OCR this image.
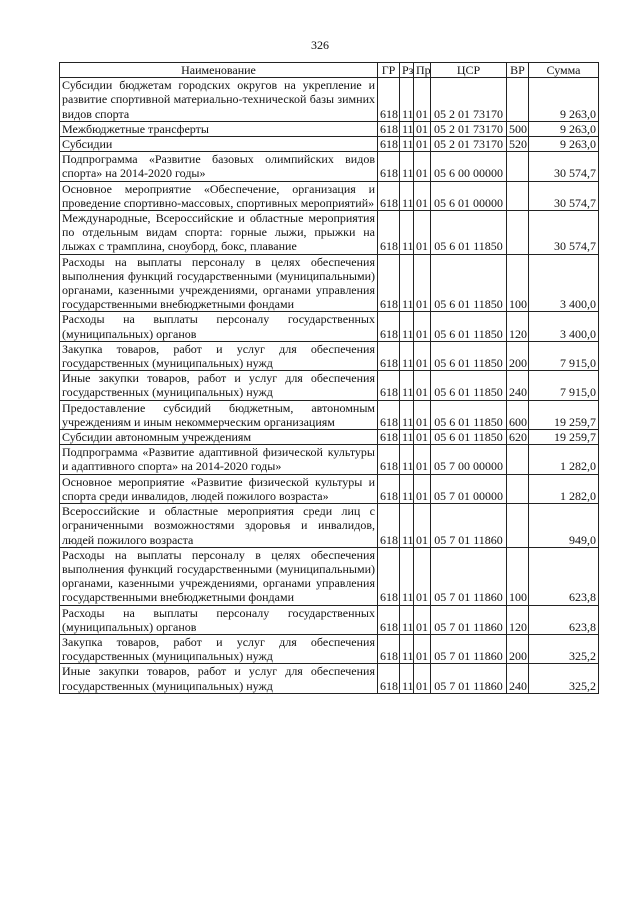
326
Наименование	ГР	Рз	Пр	ЦСР	ВР	Сумма
Субсидии бюджетам городских округов на укрепление и развитие спортивной материально-технической базы зимних видов спорта	618	11	01	05 2 01 73170		9 263,0
Межбюджетные трансферты	618	11	01	05 2 01 73170	500	9 263,0
Субсидии	618	11	01	05 2 01 73170	520	9 263,0
Подпрограмма «Развитие базовых олимпийских видов спорта» на 2014-2020 годы»	618	11	01	05 6 00 00000		30 574,7
Основное мероприятие «Обеспечение, организация и проведение спортивно-массовых, спортивных мероприятий»	618	11	01	05 6 01 00000		30 574,7
Международные, Всероссийские и областные мероприятия по отдельным видам спорта: горные лыжи, прыжки на лыжах с трамплина, сноуборд, бокс, плавание	618	11	01	05 6 01 11850		30 574,7
Расходы на выплаты персоналу в целях обеспечения выполнения функций государственными (муниципальными) органами, казенными учреждениями, органами управления государственными внебюджетными фондами	618	11	01	05 6 01 11850	100	3 400,0
Расходы на выплаты персоналу государственных (муниципальных) органов	618	11	01	05 6 01 11850	120	3 400,0
Закупка товаров, работ и услуг для обеспечения государственных (муниципальных) нужд	618	11	01	05 6 01 11850	200	7 915,0
Иные закупки товаров, работ и услуг для обеспечения государственных (муниципальных) нужд	618	11	01	05 6 01 11850	240	7 915,0
Предоставление субсидий бюджетным, автономным учреждениям и иным некоммерческим организациям	618	11	01	05 6 01 11850	600	19 259,7
Субсидии автономным учреждениям	618	11	01	05 6 01 11850	620	19 259,7
Подпрограмма «Развитие адаптивной физической культуры и адаптивного спорта» на 2014-2020 годы»	618	11	01	05 7 00 00000		1 282,0
Основное мероприятие «Развитие физической культуры и спорта среди инвалидов, людей пожилого возраста»	618	11	01	05 7 01 00000		1 282,0
Всероссийские и областные мероприятия среди лиц с ограниченными возможностями здоровья и инвалидов, людей пожилого возраста	618	11	01	05 7 01 11860		949,0
Расходы на выплаты персоналу в целях обеспечения выполнения функций государственными (муниципальными) органами, казенными учреждениями, органами управления государственными внебюджетными фондами	618	11	01	05 7 01 11860	100	623,8
Расходы на выплаты персоналу государственных (муниципальных) органов	618	11	01	05 7 01 11860	120	623,8
Закупка товаров, работ и услуг для обеспечения государственных (муниципальных) нужд	618	11	01	05 7 01 11860	200	325,2
Иные закупки товаров, работ и услуг для обеспечения государственных (муниципальных) нужд	618	11	01	05 7 01 11860	240	325,2
